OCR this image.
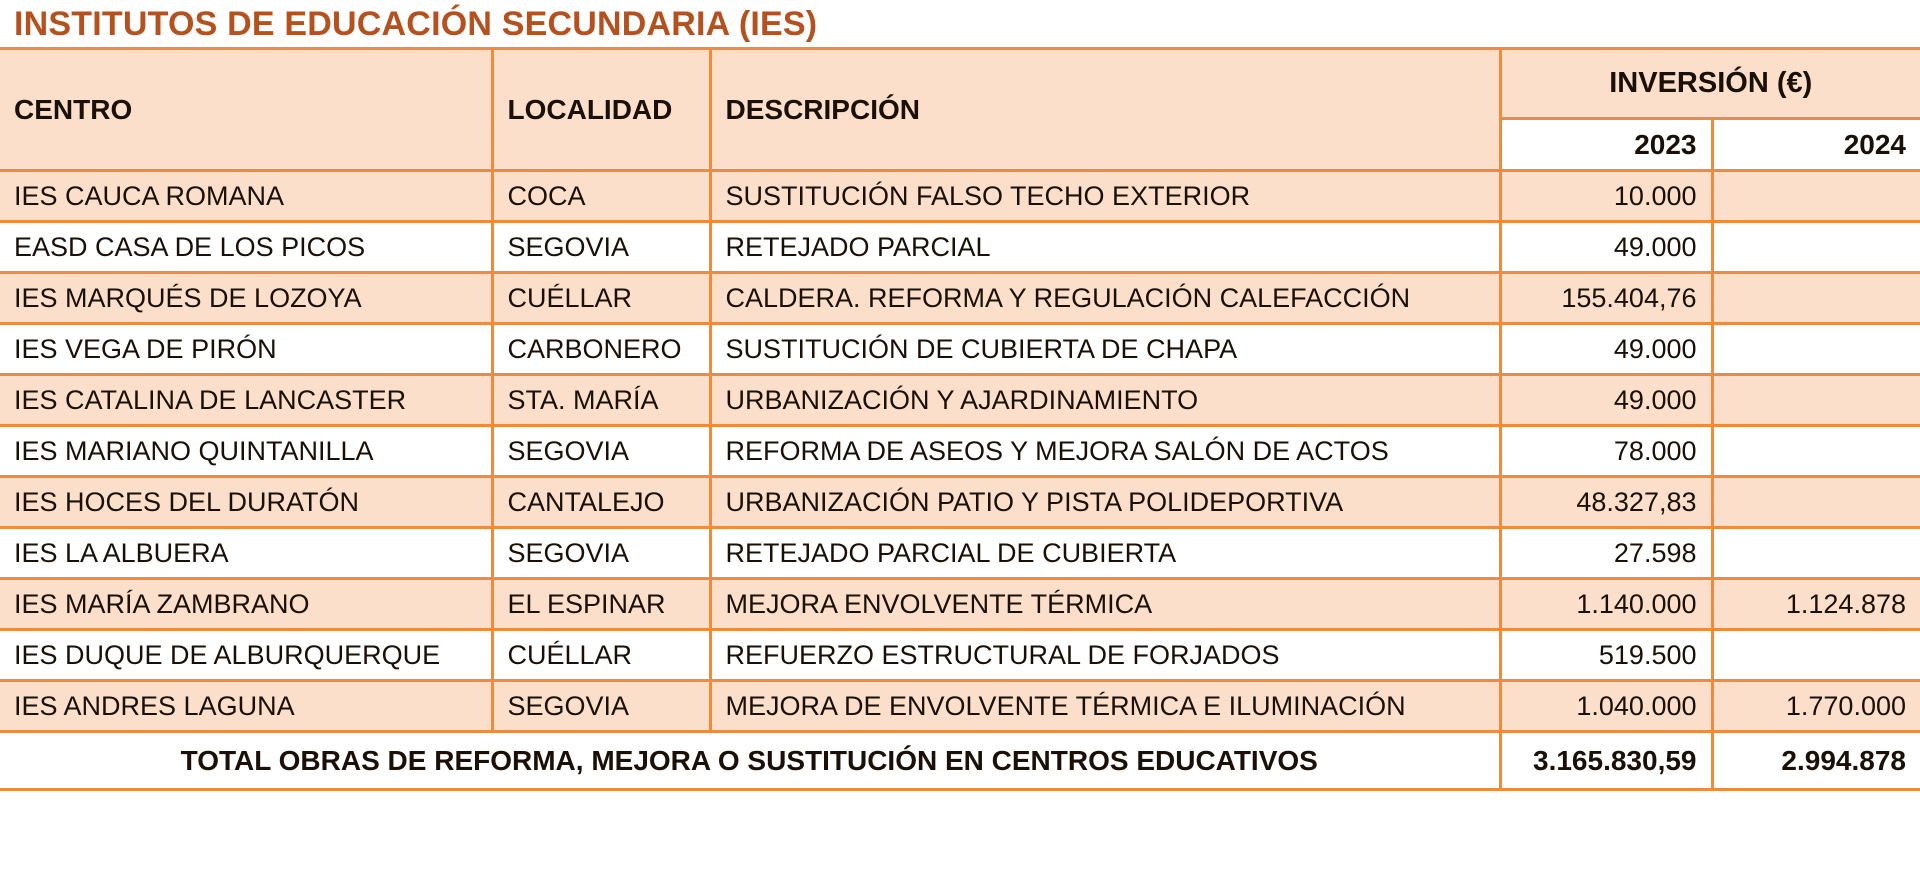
INSTITUTOS DE EDUCACIÓN SECUNDARIA (IES)
CENTRO	LOCALIDAD	DESCRIPCIÓN	INVERSIÓN (€)	
			2023	2024
IES CAUCA ROMANA	COCA	SUSTITUCIÓN FALSO TECHO EXTERIOR	10.000	
EASD CASA DE LOS PICOS	SEGOVIA	RETEJADO PARCIAL	49.000	
IES MARQUÉS DE LOZOYA	CUÉLLAR	CALDERA. REFORMA Y REGULACIÓN CALEFACCIÓN	155.404,76	
IES VEGA DE PIRÓN	CARBONERO	SUSTITUCIÓN DE CUBIERTA DE CHAPA	49.000	
IES CATALINA DE LANCASTER	STA. MARÍA	URBANIZACIÓN Y AJARDINAMIENTO	49.000	
IES MARIANO QUINTANILLA	SEGOVIA	REFORMA DE ASEOS Y MEJORA SALÓN DE ACTOS	78.000	
IES HOCES DEL DURATÓN	CANTALEJO	URBANIZACIÓN PATIO Y PISTA POLIDEPORTIVA	48.327,83	
IES LA ALBUERA	SEGOVIA	RETEJADO PARCIAL DE CUBIERTA	27.598	
IES MARÍA ZAMBRANO	EL ESPINAR	MEJORA ENVOLVENTE TÉRMICA	1.140.000	1.124.878
IES DUQUE DE ALBURQUERQUE	CUÉLLAR	REFUERZO ESTRUCTURAL DE FORJADOS	519.500	
IES ANDRES LAGUNA	SEGOVIA	MEJORA DE ENVOLVENTE TÉRMICA E ILUMINACIÓN	1.040.000	1.770.000
TOTAL OBRAS DE REFORMA, MEJORA O SUSTITUCIÓN EN CENTROS EDUCATIVOS			3.165.830,59	2.994.878
